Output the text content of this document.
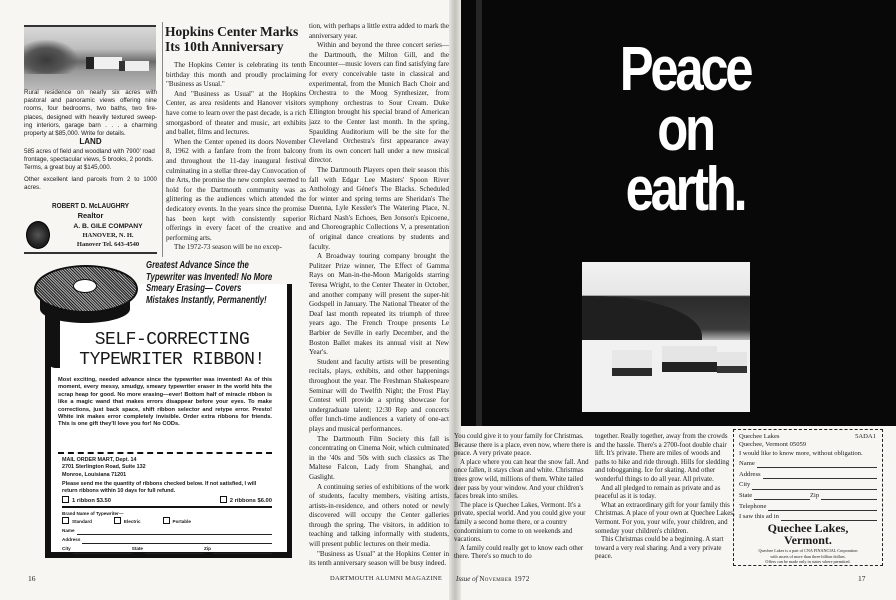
Rural residence on nearly six acres with pastoral and panoramic views offering nine rooms, four bedrooms, two baths, two fire-places, designed with heavily textured sweep-ing interiors, garage barn . . . a charming property at $85,000. Write for details.
LAND
585 acres of field and woodland with 7900' road frontage, spectacular views, 5 brooks, 2 ponds. Terms, a great buy at $145,000.
Other excellent land parcels from 2 to 1000 acres.
ROBERT D. McLAUGHRY
Realtor
A. B. GILE COMPANY
HANOVER, N. H.
Hanover Tel. 643-4540
Hopkins Center Marks Its 10th Anniversary

The Hopkins Center is celebrating its tenth birthday this month and proudly proclaiming "Business as Usual."

And "Business as Usual" at the Hopkins Center, as area residents and Hanover visitors have come to learn over the past decade, is a rich smorgasbord of theater and music, art exhibits and ballet, films and lectures.

When the Center opened its doors November 8, 1962 with a fanfare from the front balcony and throughout the 11-day inaugural festival culminating in a stellar three-day Convocation of the Arts, the promise the new complex seemed to hold for the Dartmouth community was as glittering as the audiences which attended the dedicatory events. In the years since the promise has been kept with consistently superior offerings in every facet of the creative and performing arts.

The 1972-73 season will be no excep-

tion, with perhaps a little extra added to mark the anniversary year.

Within and beyond the three concert series—the Dartmouth, the Milton Gill, and the Encounter—music lovers can find satisfying fare for every conceivable taste in classical and experimental, from the Munich Bach Choir and Orchestra to the Moog Synthesizer, from symphony orchestras to Sour Cream. Duke Ellington brought his special brand of American jazz to the Center last month. In the spring, Spaulding Auditorium will be the site for the Cleveland Orchestra's first appearance away from its own concert hall under a new musical director.

The Dartmouth Players open their season this fall with Edgar Lee Masters' Spoon River Anthology and Génet's The Blacks. Scheduled for winter and spring terms are Sheridan's The Duenna, Lyle Kessler's The Watering Place, N. Richard Nash's Echoes, Ben Jonson's Epicoene, and Choreographic Collections V, a presentation of original dance creations by students and faculty.

A Broadway touring company brought the Pulitzer Prize winner, The Effect of Gamma Rays on Man-in-the-Moon Marigolds starring Teresa Wright, to the Center Theater in October, and another company will present the super-hit Godspell in January. The National Theater of the Deaf last month repeated its triumph of three years ago. The French Troupe presents Le Barbier de Seville in early December, and the Boston Ballet makes its annual visit at New Year's.

Student and faculty artists will be presenting recitals, plays, exhibits, and other happenings throughout the year. The Freshman Shakespeare Seminar will do Twelfth Night; the Frost Play Contest will provide a spring showcase for undergraduate talent; 12:30 Rep and concerts offer lunch-time audiences a variety of one-act plays and musical performances.

The Dartmouth Film Society this fall is concentrating on Cinema Noir, which culminated in the '40s and '50s with such classics as The Maltese Falcon, Lady from Shanghai, and Gaslight.

A continuing series of exhibitions of the work of students, faculty members, visiting artists, artists-in-residence, and others noted or newly discovered will occupy the Center galleries through the spring. The visitors, in addition to teaching and talking informally with students, will present public lectures on their media.

"Business as Usual" at the Hopkins Center in its tenth anniversary season will be busy indeed.

Greatest Advance Since the Typewriter was Invented! No More Smeary Erasing— Covers Mistakes Instantly, Permanently!
SELF-CORRECTING
TYPEWRITER RIBBON!
Most exciting, needed advance since the typewriter was invented! As of this moment, every messy, smudgy, smeary typewriter eraser in the world hits the scrap heap for good. No more erasing—ever! Bottom half of miracle ribbon is like a magic wand that makes errors disappear before your eyes. To make corrections, just back space, shift ribbon selector and retype error. Presto! White ink makes error completely invisible. Order extra ribbons for friends. This is one gift they'll love you for! No CODs.
MAIL ORDER MART, Dept. 14
2701 Sterlington Road, Suite 132
Monroe, Louisiana 71201
Please send me the quantity of ribbons checked below. If not satisfied, I will return ribbons within 10 days for full refund.
1 ribbon $3.50	2 ribbons $6.00
Brand Name of Typewriter—
Standard	Electric	Portable
Name
Address
City	State	Zip
16	DARTMOUTH ALUMNI MAGAZINE
Peace
on
earth.

You could give it to your family for Christmas. Because there is a place, even now, where there is peace. A very private peace.

A place where you can hear the snow fall. And once fallen, it stays clean and white. Christmas trees grow wild, millions of them. White tailed deer pass by your window. And your children's faces break into smiles.

The place is Quechee Lakes, Vermont. It's a private, special world. And you could give your family a second home there, or a country condominium to come to on weekends and vacations.

A family could really get to know each other there. There's so much to do

together. Really together, away from the crowds and the hassle. There's a 2700-foot double chair lift. It's private. There are miles of woods and paths to hike and ride through. Hills for sledding and tobogganing. Ice for skating. And other wonderful things to do all year. All private.

And all pledged to remain as private and as peaceful as it is today.

What an extraordinary gift for your family this Christmas. A place of your own at Quechee Lakes, Vermont. For you, your wife, your children, and someday your children's children.

This Christmas could be a beginning. A start toward a very real sharing. And a very private peace.

5ADA1
Quechee Lakes
Quechee, Vermont 05059
I would like to know more, without obligation.
Name
Address
City
State	Zip
Telephone
I saw this ad in
Quechee Lakes,
Vermont.
Quechee Lakes is a part of CNA FINANCIAL Corporation
with assets of more than three billion dollars.
Offers can be made only in states where permitted.
Issue of November 1972	17
